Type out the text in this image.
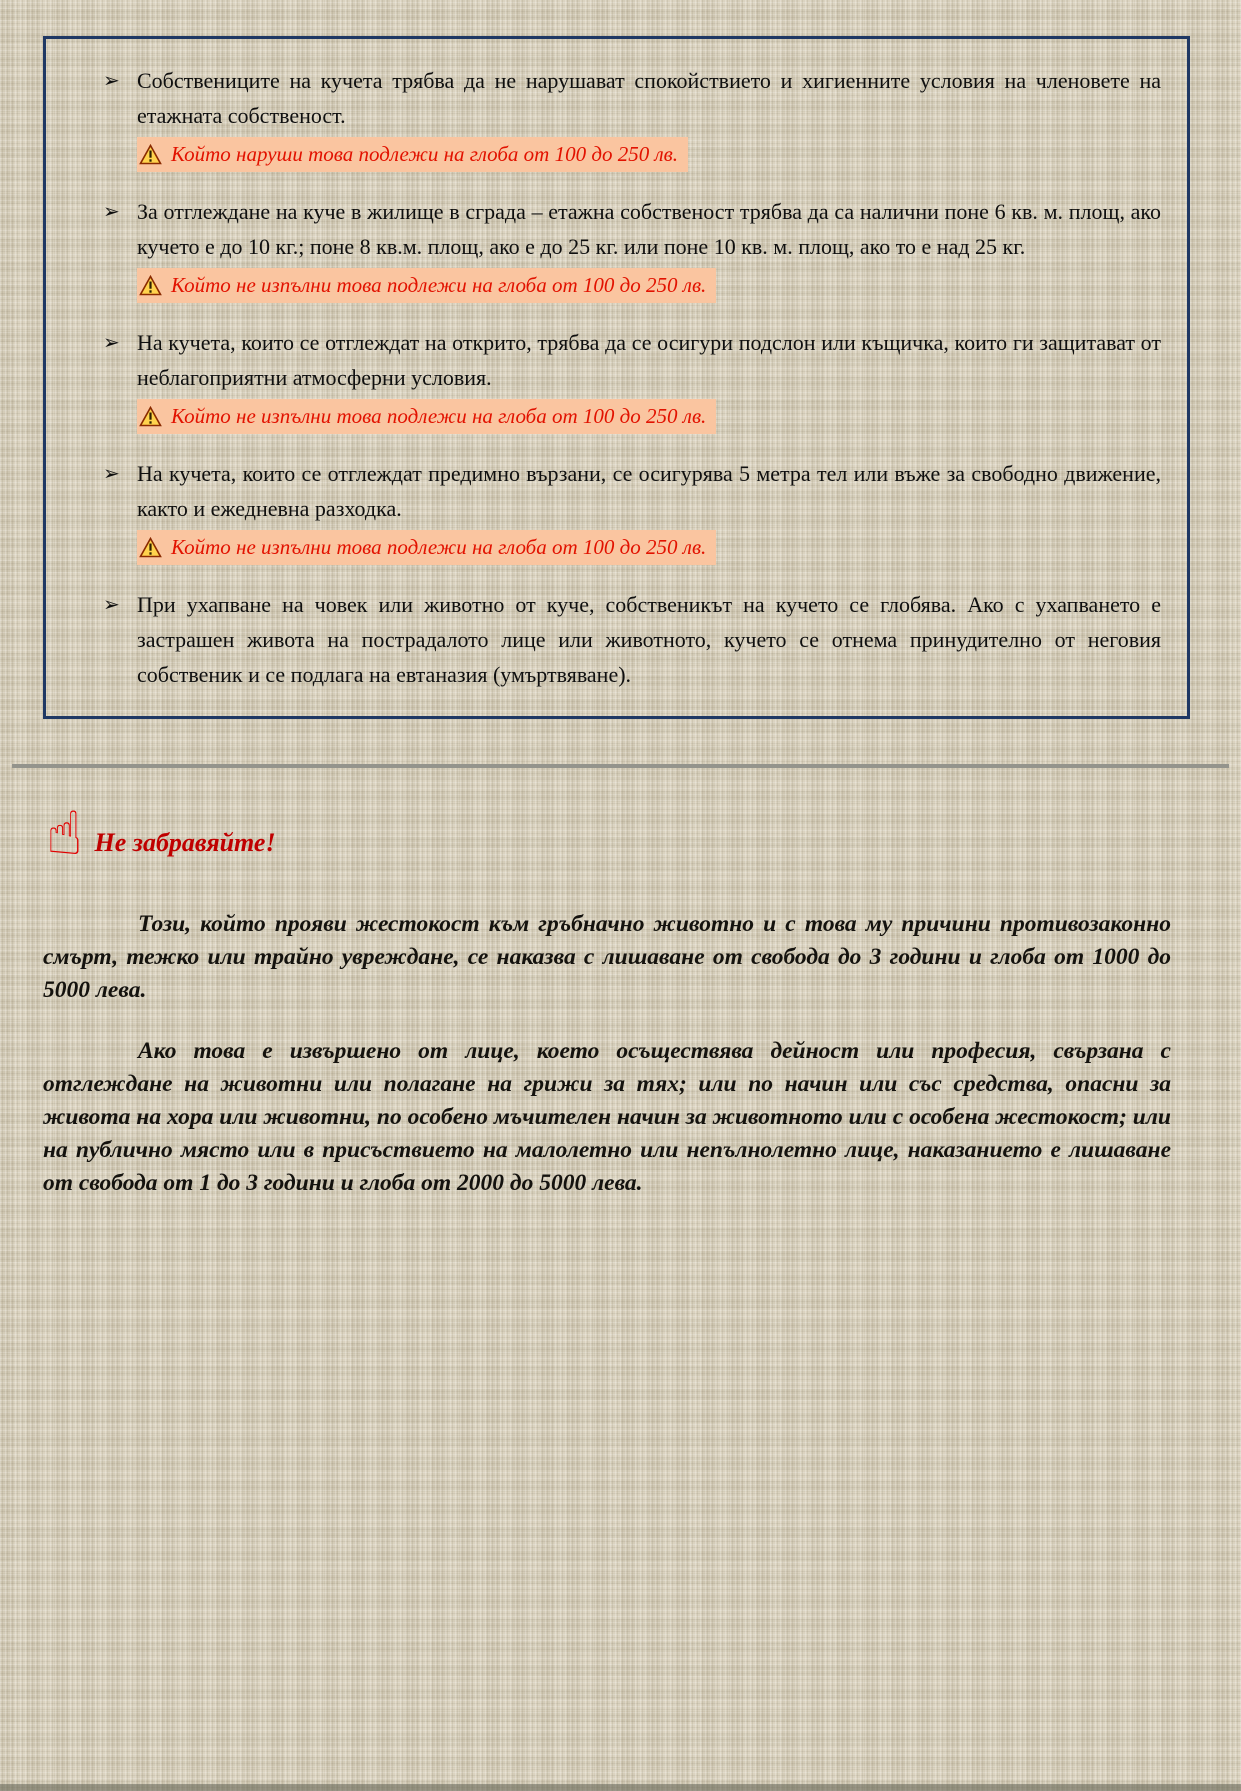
➢ Собствениците на кучета трябва да не нарушават спокойствието и хигиенните условия на членовете на етажната собственост.
Който наруши това подлежи на глоба от 100 до 250 лв.
➢ За отглеждане на куче в жилище в сграда – етажна собственост трябва да са налични поне 6 кв. м. площ, ако кучето е до 10 кг.; поне 8 кв.м. площ, ако е до 25 кг. или поне 10 кв. м. площ, ако то е над 25 кг.
Който не изпълни това подлежи на глоба от 100 до 250 лв.
➢ На кучета, които се отглеждат на открито, трябва да се осигури подслон или къщичка, които ги защитават от неблагоприятни атмосферни условия.
Който не изпълни това подлежи на глоба от 100 до 250 лв.
➢ На кучета, които се отглеждат предимно вързани, се осигурява 5 метра тел или въже за свободно движение, както и ежедневна разходка.
Който не изпълни това подлежи на глоба от 100 до 250 лв.
➢ При ухапване на човек или животно от куче, собственикът на кучето се глобява. Ако с ухапването е застрашен живота на пострадалото лице или животното, кучето се отнема принудително от неговия собственик и се подлага на евтаназия (умъртвяване).
☝ Не забравяйте!

Този, който прояви жестокост към гръбначно животно и с това му причини противозаконно смърт, тежко или трайно увреждане, се наказва с лишаване от свобода до 3 години и глоба от 1000 до 5000 лева.

Ако това е извършено от лице, което осъществява дейност или професия, свързана с отглеждане на животни или полагане на грижи за тях; или по начин или със средства, опасни за живота на хора или животни, по особено мъчителен начин за животното или с особена жестокост; или на публично място или в присъствието на малолетно или непълнолетно лице, наказанието е лишаване от свобода от 1 до 3 години и глоба от 2000 до 5000 лева.
